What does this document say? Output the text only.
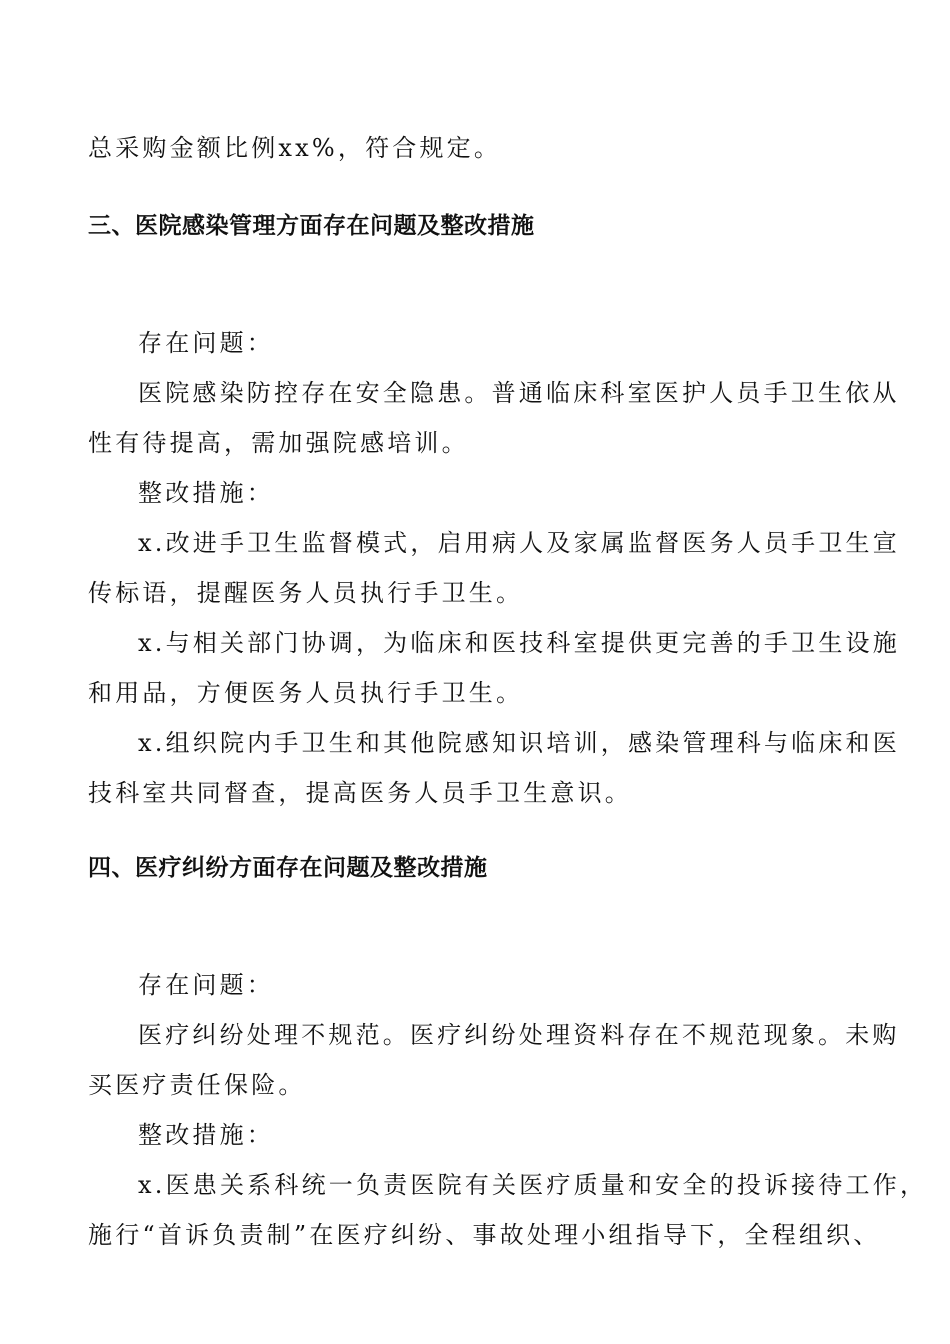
总采购金额比例xx%，符合规定。
三、医院感染管理方面存在问题及整改措施
存在问题：
医院感染防控存在安全隐患。普通临床科室医护人员手卫生依从
性有待提高，需加强院感培训。
整改措施：
x.改进手卫生监督模式，启用病人及家属监督医务人员手卫生宣
传标语，提醒医务人员执行手卫生。
x.与相关部门协调，为临床和医技科室提供更完善的手卫生设施
和用品，方便医务人员执行手卫生。
x.组织院内手卫生和其他院感知识培训，感染管理科与临床和医
技科室共同督查，提高医务人员手卫生意识。
四、医疗纠纷方面存在问题及整改措施
存在问题：
医疗纠纷处理不规范。医疗纠纷处理资料存在不规范现象。未购
买医疗责任保险。
整改措施：
x.医患关系科统一负责医院有关医疗质量和安全的投诉接待工作，
施行“首诉负责制”在医疗纠纷、事故处理小组指导下，全程组织、
